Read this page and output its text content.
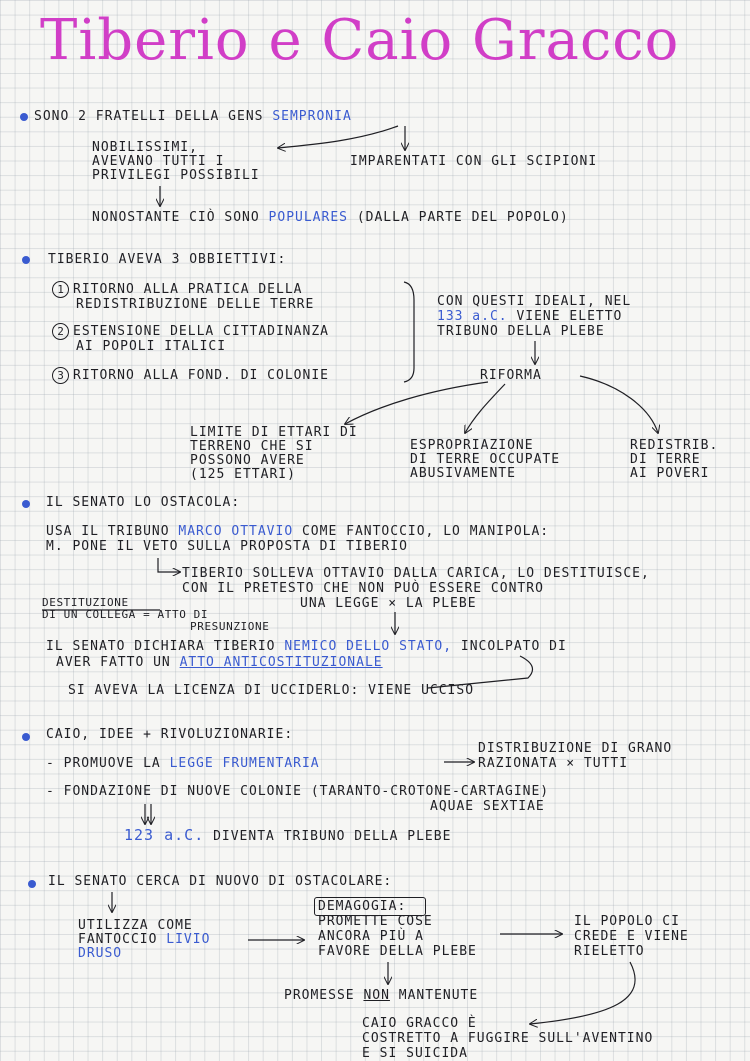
Tiberio e Caio Gracco
SONO 2 FRATELLI DELLA GENS SEMPRONIA
NOBILISSIMI,
AVEVANO TUTTI I
PRIVILEGI POSSIBILI
IMPARENTATI CON GLI SCIPIONI
NONOSTANTE CIÒ SONO POPULARES (DALLA PARTE DEL POPOLO)
TIBERIO AVEVA 3 OBBIETTIVI:
1 RITORNO ALLA PRATICA DELLA
REDISTRIBUZIONE DELLE TERRE
2 ESTENSIONE DELLA CITTADINANZA
AI POPOLI ITALICI
3 RITORNO ALLA FOND. DI COLONIE
CON QUESTI IDEALI, NEL
133 a.C. VIENE ELETTO
TRIBUNO DELLA PLEBE
RIFORMA
LIMITE DI ETTARI DI
TERRENO CHE SI
POSSONO AVERE
(125 ETTARI)
ESPROPRIAZIONE
DI TERRE OCCUPATE
ABUSIVAMENTE
REDISTRIB.
DI TERRE
AI POVERI
IL SENATO LO OSTACOLA:
USA IL TRIBUNO MARCO OTTAVIO COME FANTOCCIO, LO MANIPOLA:
M. PONE IL VETO SULLA PROPOSTA DI TIBERIO
TIBERIO SOLLEVA OTTAVIO DALLA CARICA, LO DESTITUISCE,
CON IL PRETESTO CHE NON PUÒ ESSERE CONTRO
UNA LEGGE × LA PLEBE
DESTITUZIONE
DI UN COLLEGA = ATTO DI
PRESUNZIONE
IL SENATO DICHIARA TIBERIO NEMICO DELLO STATO, INCOLPATO DI
AVER FATTO UN ATTO ANTICOSTITUZIONALE
SI AVEVA LA LICENZA DI UCCIDERLO: VIENE UCCISO
CAIO, IDEE + RIVOLUZIONARIE:
- PROMUOVE LA LEGGE FRUMENTARIA
DISTRIBUZIONE DI GRANO
RAZIONATA × TUTTI
- FONDAZIONE DI NUOVE COLONIE (TARANTO-CROTONE-CARTAGINE)
AQUAE SEXTIAE
123 a.C. DIVENTA TRIBUNO DELLA PLEBE
IL SENATO CERCA DI NUOVO DI OSTACOLARE:
UTILIZZA COME
FANTOCCIO LIVIO
DRUSO
DEMAGOGIA:
PROMETTE COSE
ANCORA PIÙ A
FAVORE DELLA PLEBE
IL POPOLO CI
CREDE E VIENE
RIELETTO
PROMESSE NON MANTENUTE
CAIO GRACCO È
COSTRETTO A FUGGIRE SULL'AVENTINO
E SI SUICIDA
